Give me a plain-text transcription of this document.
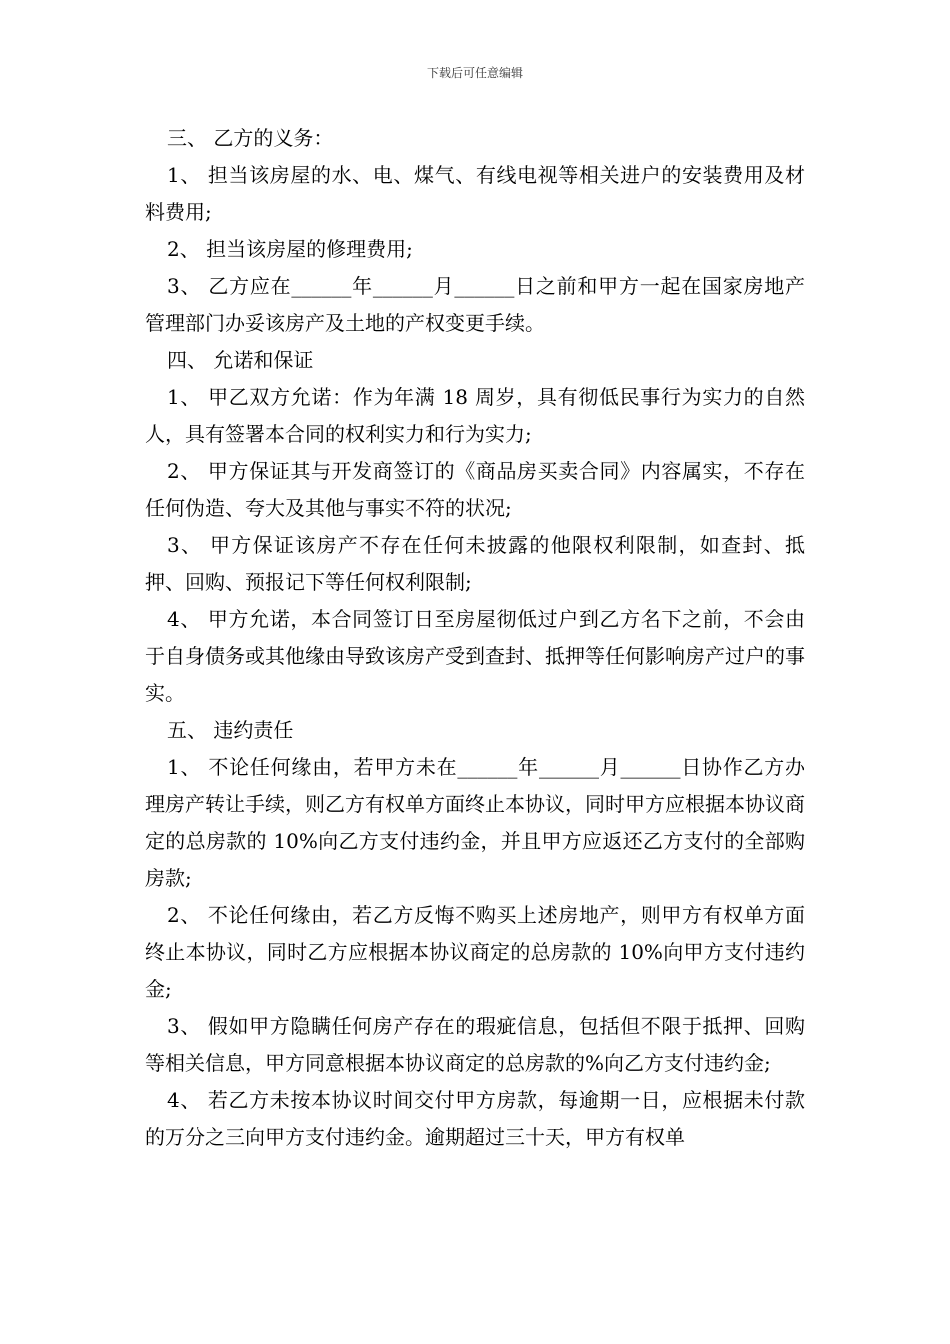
下载后可任意编辑

三、 乙方的义务：

1、 担当该房屋的水、电、煤气、有线电视等相关进户的安装费用及材料费用;

2、 担当该房屋的修理费用;

3、 乙方应在______年______月______日之前和甲方一起在国家房地产管理部门办妥该房产及土地的产权变更手续。

四、 允诺和保证

1、 甲乙双方允诺：作为年满 18 周岁，具有彻低民事行为实力的自然人，具有签署本合同的权利实力和行为实力;

2、 甲方保证其与开发商签订的《商品房买卖合同》内容属实，不存在任何伪造、夸大及其他与事实不符的状况;

3、 甲方保证该房产不存在任何未披露的他限权利限制，如查封、抵押、回购、预报记下等任何权利限制;

4、 甲方允诺，本合同签订日至房屋彻低过户到乙方名下之前，不会由于自身债务或其他缘由导致该房产受到查封、抵押等任何影响房产过户的事实。

五、 违约责任

1、 不论任何缘由，若甲方未在______年______月______日协作乙方办理房产转让手续，则乙方有权单方面终止本协议，同时甲方应根据本协议商定的总房款的 10%向乙方支付违约金，并且甲方应返还乙方支付的全部购房款;

2、 不论任何缘由，若乙方反悔不购买上述房地产，则甲方有权单方面终止本协议，同时乙方应根据本协议商定的总房款的 10%向甲方支付违约金;

3、 假如甲方隐瞒任何房产存在的瑕疵信息，包括但不限于抵押、回购等相关信息，甲方同意根据本协议商定的总房款的%向乙方支付违约金;

4、 若乙方未按本协议时间交付甲方房款，每逾期一日，应根据未付款的万分之三向甲方支付违约金。逾期超过三十天，甲方有权单
